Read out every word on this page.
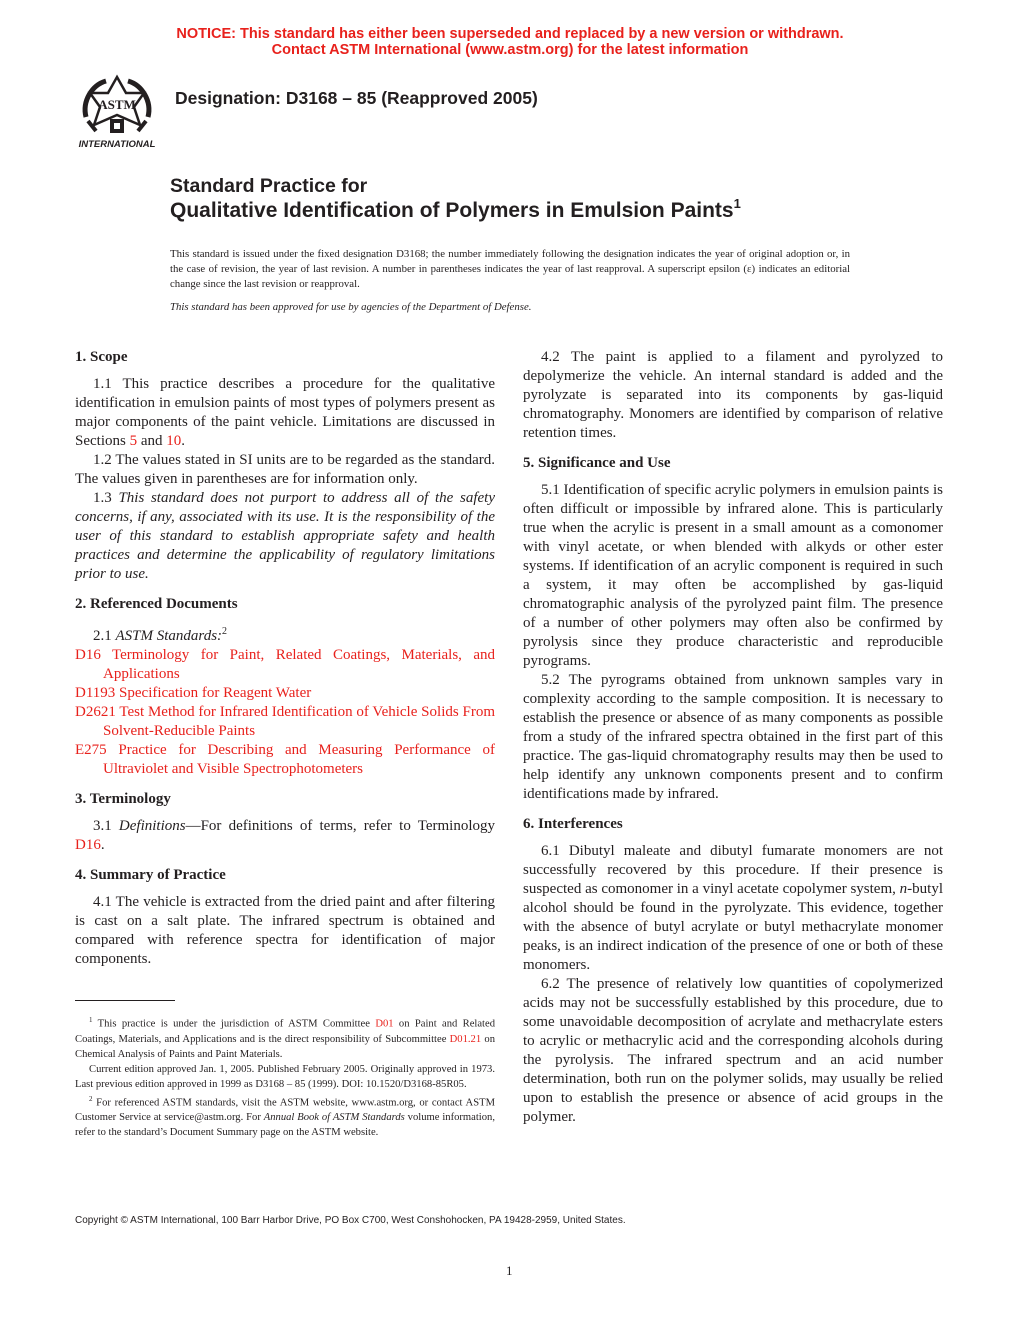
NOTICE: This standard has either been superseded and replaced by a new version or withdrawn.
Contact ASTM International (www.astm.org) for the latest information
INTERNATIONAL
ASTM Designation: D3168 – 85 (Reapproved 2005)
Standard Practice for
Qualitative Identification of Polymers in Emulsion Paints$^1$
This standard is issued under the fixed designation D3168; the number immediately following the designation indicates the year of original adoption or, in the case of revision, the year of last revision. A number in parentheses indicates the year of last reapproval. A superscript epsilon (ε) indicates an editorial change since the last revision or reapproval.
This standard has been approved for use by agencies of the Department of Defense.
1. Scope

1.1 This practice describes a procedure for the qualitative identification in emulsion paints of most types of polymers present as major components of the paint vehicle. Limitations are discussed in Sections 5 and 10.

1.2 The values stated in SI units are to be regarded as the standard. The values given in parentheses are for information only.

1.3 This standard does not purport to address all of the safety concerns, if any, associated with its use. It is the responsibility of the user of this standard to establish appropriate safety and health practices and determine the applicability of regulatory limitations prior to use.

2. Referenced Documents

2.1 ASTM Standards:$^2$

D16 Terminology for Paint, Related Coatings, Materials, and Applications

D1193 Specification for Reagent Water

D2621 Test Method for Infrared Identification of Vehicle Solids From Solvent-Reducible Paints

E275 Practice for Describing and Measuring Performance of Ultraviolet and Visible Spectrophotometers

3. Terminology

3.1 Definitions—For definitions of terms, refer to Terminology D16.

4. Summary of Practice

4.1 The vehicle is extracted from the dried paint and after filtering is cast on a salt plate. The infrared spectrum is obtained and compared with reference spectra for identification of major components.

4.2 The paint is applied to a filament and pyrolyzed to depolymerize the vehicle. An internal standard is added and the pyrolyzate is separated into its components by gas-liquid chromatography. Monomers are identified by comparison of relative retention times.

5. Significance and Use

5.1 Identification of specific acrylic polymers in emulsion paints is often difficult or impossible by infrared alone. This is particularly true when the acrylic is present in a small amount as a comonomer with vinyl acetate, or when blended with alkyds or other ester systems. If identification of an acrylic component is required in such a system, it may often be accomplished by gas-liquid chromatographic analysis of the pyrolyzed paint film. The presence of a number of other polymers may often also be confirmed by pyrolysis since they produce characteristic and reproducible pyrograms.

5.2 The pyrograms obtained from unknown samples vary in complexity according to the sample composition. It is necessary to establish the presence or absence of as many components as possible from a study of the infrared spectra obtained in the first part of this practice. The gas-liquid chromatography results may then be used to help identify any unknown components present and to confirm identifications made by infrared.

6. Interferences

6.1 Dibutyl maleate and dibutyl fumarate monomers are not successfully recovered by this procedure. If their presence is suspected as comonomer in a vinyl acetate copolymer system, n-butyl alcohol should be found in the pyrolyzate. This evidence, together with the absence of butyl acrylate or butyl methacrylate monomer peaks, is an indirect indication of the presence of one or both of these monomers.

6.2 The presence of relatively low quantities of copolymerized acids may not be successfully established by this procedure, due to some unavoidable decomposition of acrylate and methacrylate esters to acrylic or methacrylic acid and the corresponding alcohols during the pyrolysis. The infrared spectrum and an acid number determination, both run on the polymer solids, may usually be relied upon to establish the presence or absence of acid groups in the polymer.

$^1$ This practice is under the jurisdiction of ASTM Committee D01 on Paint and Related Coatings, Materials, and Applications and is the direct responsibility of Subcommittee D01.21 on Chemical Analysis of Paints and Paint Materials.

Current edition approved Jan. 1, 2005. Published February 2005. Originally approved in 1973. Last previous edition approved in 1999 as D3168 – 85 (1999). DOI: 10.1520/D3168-85R05.

$^2$ For referenced ASTM standards, visit the ASTM website, www.astm.org, or contact ASTM Customer Service at service@astm.org. For Annual Book of ASTM Standards volume information, refer to the standard’s Document Summary page on the ASTM website.

Copyright © ASTM International, 100 Barr Harbor Drive, PO Box C700, West Conshohocken, PA 19428-2959, United States.
1
